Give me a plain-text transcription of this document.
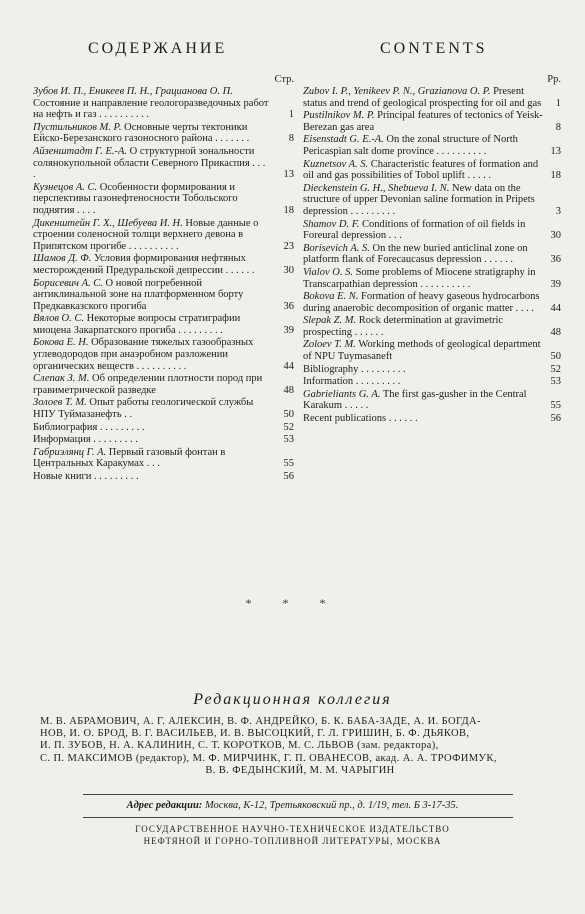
СОДЕРЖАНИЕ	CONTENTS
Стр.
Зубов И. П., Еникеев П. Н., Грацианова О. П. Состояние и направление геологоразведочных работ на нефть и газ . . . . . . . . . .	1
Пустильников М. Р. Основные черты тектоники Ейско-Березанского газоносного района . . . . . . .	8
Айзенштадт Г. Е.-А. О структурной зональности солянокупольной области Северного Прикаспия . . . .	13
Кузнецов А. С. Особенности формирования и перспективы газонефтеносности Тобольского поднятия . . . .	18
Дикенштейн Г. Х., Шебуева И. Н. Новые данные о строении соленосной толщи верхнего девона в Припятском прогибе . . . . . . . . . .	23
Шамов Д. Ф. Условия формирования нефтяных месторождений Предуральской депрессии . . . . . .	30
Борисевич А. С. О новой погребенной антиклинальной зоне на платформенном борту Предкавказского прогиба	36
Вялов О. С. Некоторые вопросы стратиграфии миоцена Закарпатского прогиба . . . . . . . . .	39
Бокова Е. Н. Образование тяжелых газообразных углеводородов при анаэробном разложении органических веществ . . . . . . . . . .	44
Слепак З. М. Об определении плотности пород при гравиметрической разведке	48
Золоев Т. М. Опыт работы геологической службы НПУ Туймазанефть . .	50
Библиография . . . . . . . . .	52
Информация . . . . . . . . .	53
Габриэлянц Г. А. Первый газовый фонтан в Центральных Каракумах . . .	55
Новые книги . . . . . . . . .	56
Pp.
Zubov I. P., Yenikeev P. N., Grazianova O. P. Present status and trend of geological prospecting for oil and gas 1
Pustilnikov M. P. Principal features of tectonics of Yeisk-Berezan gas area	8
Eisenstadt G. E.-A. On the zonal structure of North Pericaspian salt dome province . . . . . . . . . .	13
Kuznetsov A. S. Characteristic features of formation and oil and gas possibilities of Tobol uplift . . . . .	18
Dieckenstein G. H., Shebueva I. N. New data on the structure of upper Devonian saline formation in Pripets depression . . . . . . . . .	3
Shamov D. F. Conditions of formation of oil fields in Foreural depression . . .	30
Borisevich A. S. On the new buried anticlinal zone on platform flank of Forecaucasus depression . . . . . .	36
Vialov O. S. Some problems of Miocene stratigraphy in Transcarpathian depression . . . . . . . . . .	39
Bokova E. N. Formation of heavy gaseous hydrocarbons during anaerobic decomposition of organic matter . . . . 44
Slepak Z. M. Rock determination at gravimetric prospecting . . . . . .	48
Zoloev T. M. Working methods of geological department of NPU Tuymasaneft	50
Bibliography . . . . . . . . .	52
Information . . . . . . . . .	53
Gabrieliants G. A. The first gas-gusher in the Central Karakum . . . . .	55
Recent publications . . . . . .	56
* * *
Редакционная коллегия
М. В. АБРАМОВИЧ, А. Г. АЛЕКСИН, В. Ф. АНДРЕЙКО, Б. К. БАБА-ЗАДЕ, А. И. БОГДА-
НОВ, И. О. БРОД, В. Г. ВАСИЛЬЕВ, И. В. ВЫСОЦКИЙ, Г. Л. ГРИШИН, Б. Ф. ДЬЯКОВ,
И. П. ЗУБОВ, Н. А. КАЛИНИН, С. Т. КОРОТКОВ, М. С. ЛЬВОВ (зам. редактора),
С. П. МАКСИМОВ (редактор), М. Ф. МИРЧИНК, Г. П. ОВАНЕСОВ, акад. А. А. ТРОФИМУК,
В. В. ФЕДЫНСКИЙ, М. М. ЧАРЫГИН
Адрес редакции: Москва, К-12, Третьяковский пр., д. 1/19, тел. Б 3-17-35.
ГОСУДАРСТВЕННОЕ НАУЧНО-ТЕХНИЧЕСКОЕ ИЗДАТЕЛЬСТВО
НЕФТЯНОЙ И ГОРНО-ТОПЛИВНОЙ ЛИТЕРАТУРЫ, МОСКВА
